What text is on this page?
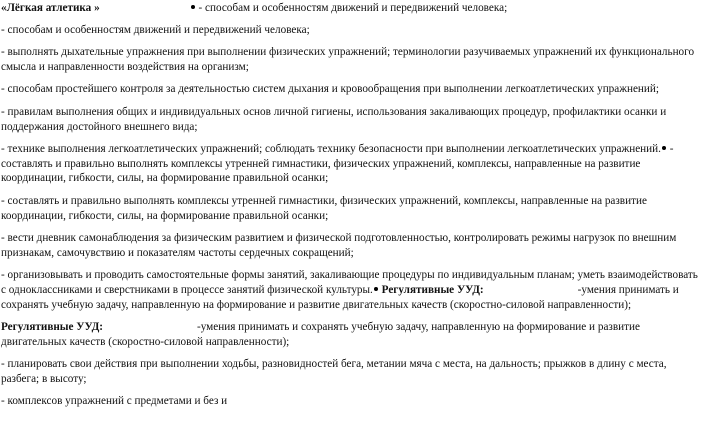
«Лёгкая атлетика »	- способам и особенностям движений и передвижений человека;

- способам и особенностям движений и передвижений человека;

- выполнять дыхательные упражнения при выполнении физических упражнений; терминологии разучиваемых упражнений их функционального смысла и направленности воздействия на организм;

- способам простейшего контроля за деятельностью систем дыхания и кровообращения при выполнении легкоатлетических упражнений;

- правилам выполнения общих и индивидуальных основ личной гигиены, использования закаливающих процедур, профилактики осанки и поддержания достойного внешнего вида;

- технике выполнения легкоатлетических упражнений; соблюдать технику безопасности при выполнении легкоатлетических упражнений. - составлять и правильно выполнять комплексы утренней гимнастики, физических упражнений, комплексы, направленные на развитие координации, гибкости, силы, на формирование правильной осанки;

- составлять и правильно выполнять комплексы утренней гимнастики, физических упражнений, комплексы, направленные на развитие координации, гибкости, силы, на формирование правильной осанки;

- вести дневник самонаблюдения за физическим развитием и физической подготовленностью, контролировать режимы нагрузок по внешним признакам, самочувствию и показателям частоты сердечных сокращений;

- организовывать и проводить самостоятельные формы занятий, закаливающие процедуры по индивидуальным планам; уметь взаимодействовать с одноклассниками и сверстниками в процессе занятий физической культуры. Регулятивные УУД:	-умения принимать и сохранять учебную задачу, направленную на формирование и развитие двигательных качеств (скоростно-силовой направленности);

Регулятивные УУД:	-умения принимать и сохранять учебную задачу, направленную на формирование и развитие двигательных качеств (скоростно-силовой направленности);

- планировать свои действия при выполнении ходьбы, разновидностей бега, метании мяча с места, на дальность; прыжков в длину с места, разбега; в высоту;

- комплексов упражнений с предметами и без и
